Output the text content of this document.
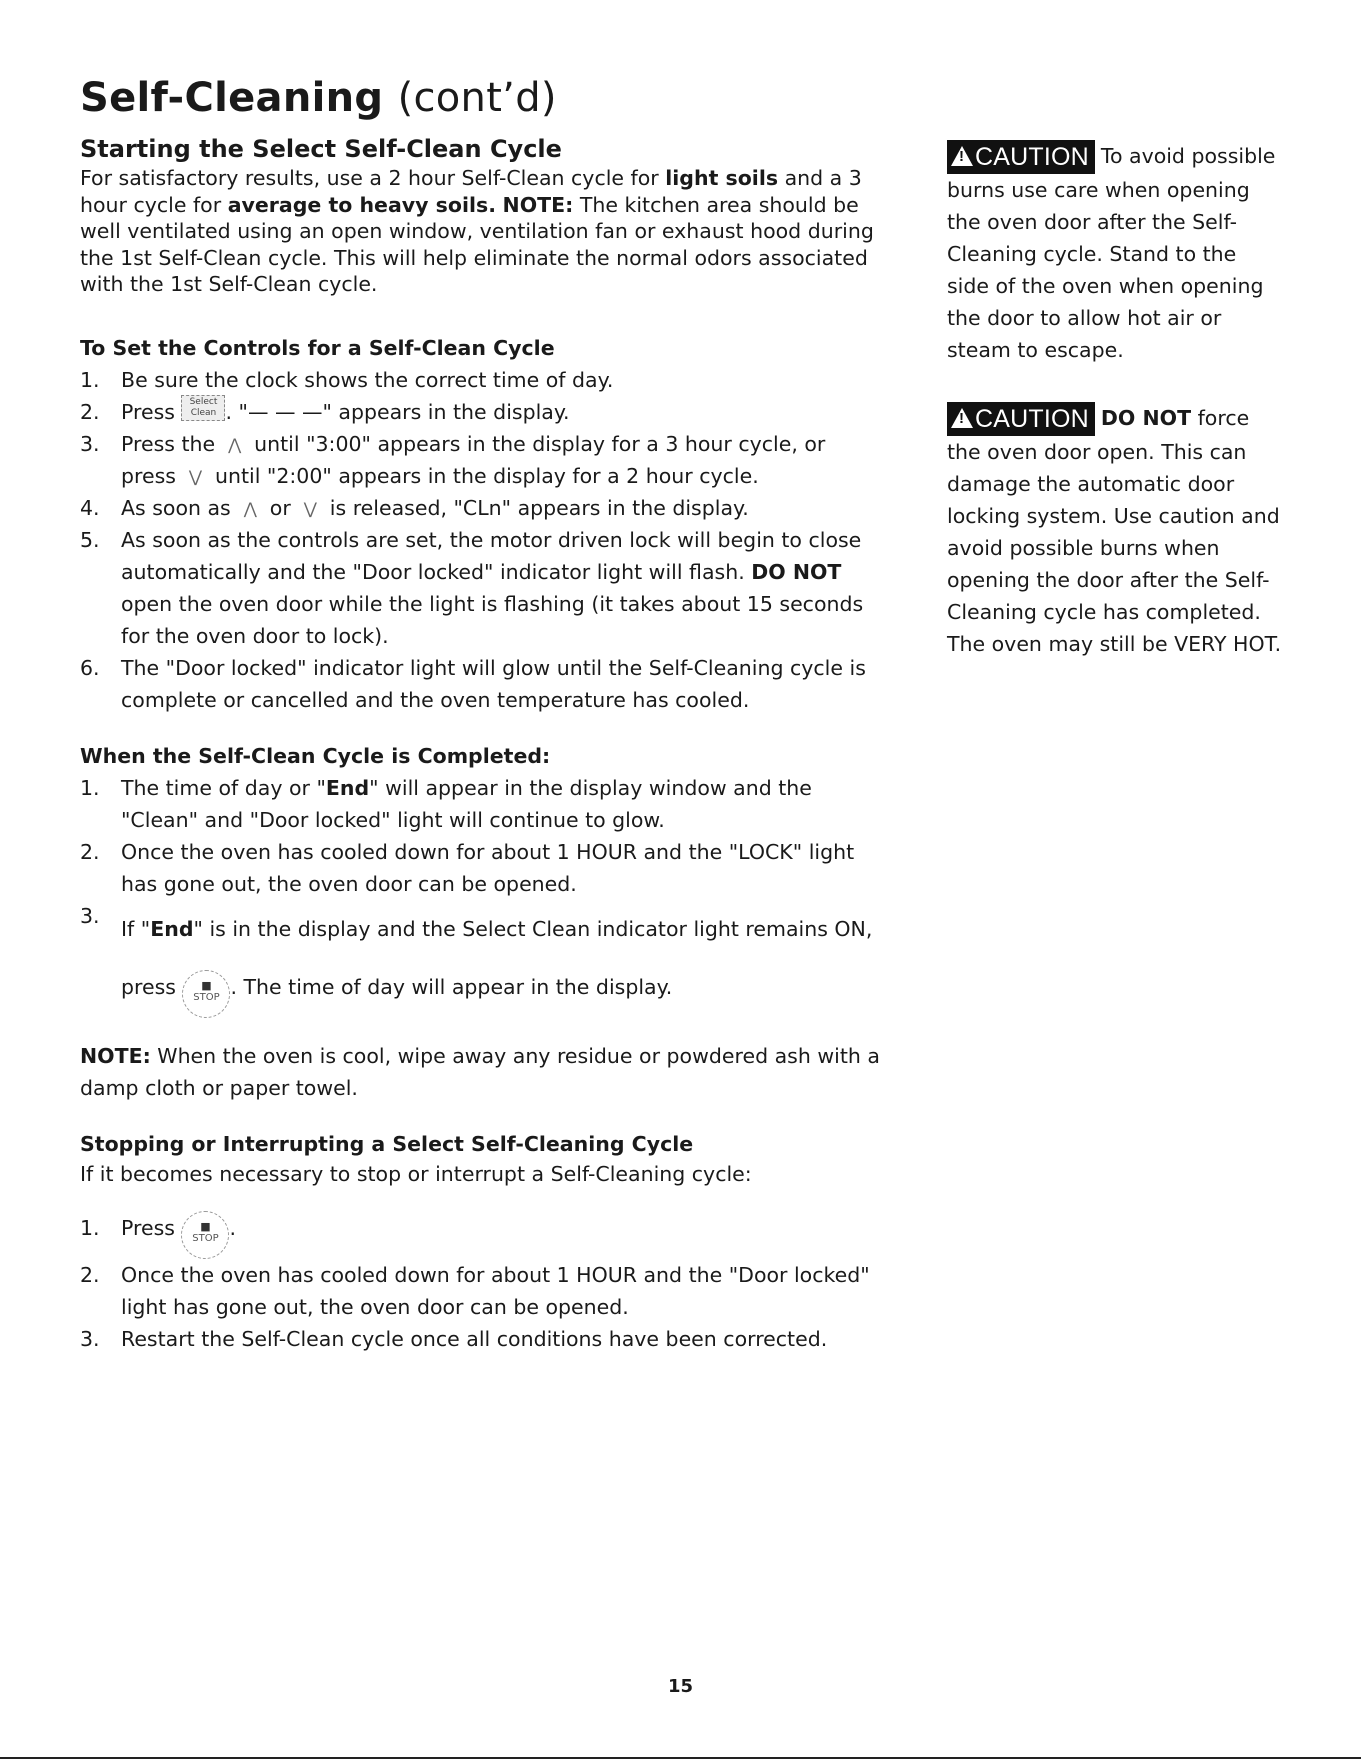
Self-Cleaning (cont’d)
Starting the Select Self-Clean Cycle

For satisfactory results, use a 2 hour Self-Clean cycle for light soils and a 3 hour cycle for average to heavy soils. NOTE: The kitchen area should be well ventilated using an open window, ventilation fan or exhaust hood during the 1st Self-Clean cycle. This will help eliminate the normal odors associated with the 1st Self-Clean cycle.

To Set the Controls for a Self-Clean Cycle
1. Be sure the clock shows the correct time of day.
2. Press Select
Clean . "— — —" appears in the display.
3. Press the ⋀ until "3:00" appears in the display for a 3 hour cycle, or press ⋁ until "2:00" appears in the display for a 2 hour cycle.
4. As soon as ⋀ or ⋁ is released, "CLn" appears in the display.
5. As soon as the controls are set, the motor driven lock will begin to close automatically and the "Door locked" indicator light will flash. DO NOT open the oven door while the light is flashing (it takes about 15 seconds for the oven door to lock).
6. The "Door locked" indicator light will glow until the Self-Cleaning cycle is complete or cancelled and the oven temperature has cooled.
When the Self-Clean Cycle is Completed:
1. The time of day or "End" will appear in the display window and the "Clean" and "Door locked" light will continue to glow.
2. Once the oven has cooled down for about 1 HOUR and the "LOCK" light has gone out, the oven door can be opened.
3.
If "End" is in the display and the Select Clean indicator light remains ON, press	■
STOP . The time of day will appear in the display.

NOTE: When the oven is cool, wipe away any residue or powdered ash with a damp cloth or paper towel.

Stopping or Interrupting a Select Self-Cleaning Cycle

If it becomes necessary to stop or interrupt a Self-Cleaning cycle:

1. Press	■
STOP .
2. Once the oven has cooled down for about 1 HOUR and the "Door locked" light has gone out, the oven door can be opened.
3. Restart the Self-Clean cycle once all conditions have been corrected.

!CAUTION To avoid possible burns use care when opening the oven door after the Self-Cleaning cycle. Stand to the side of the oven when opening the door to allow hot air or steam to escape.

!CAUTION DO NOT force the oven door open. This can damage the automatic door locking system. Use caution and avoid possible burns when opening the door after the Self-Cleaning cycle has completed. The oven may still be VERY HOT.

15
